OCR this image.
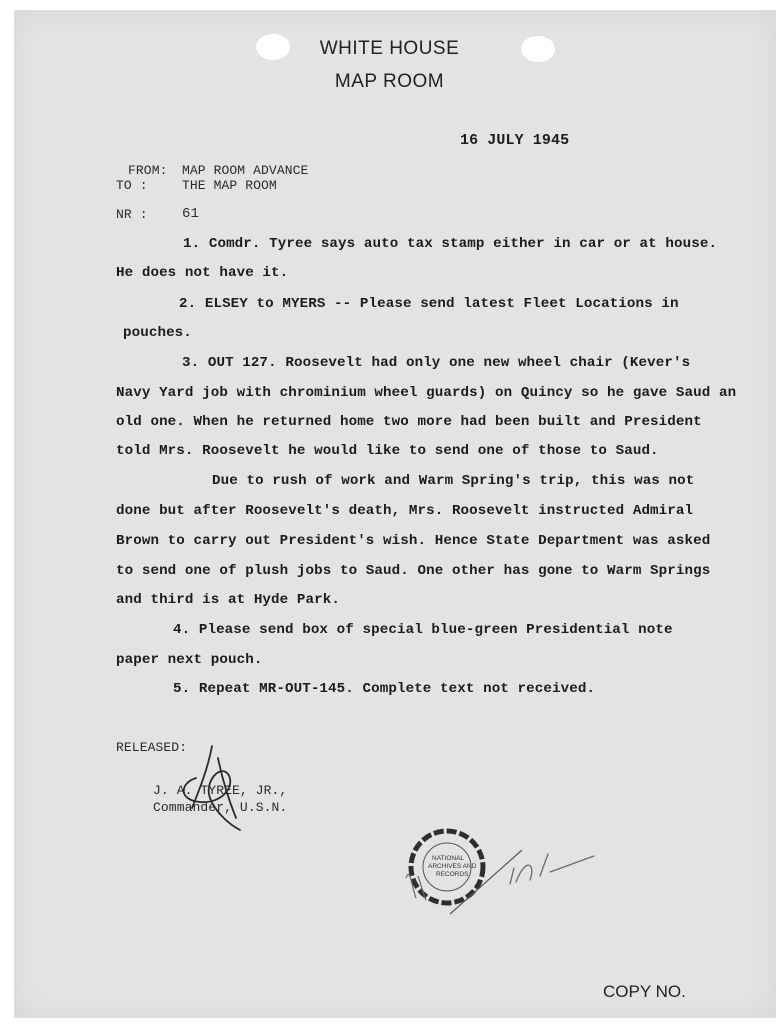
WHITE HOUSE
MAP ROOM
16 JULY 1945
FROM: MAP ROOM ADVANCE
TO :	THE MAP ROOM
NR : 61
1. Comdr. Tyree says auto tax stamp either in car or at house.
He does not have it.
2. ELSEY to MYERS -- Please send latest Fleet Locations in
pouches.
3. OUT 127. Roosevelt had only one new wheel chair (Kever's
Navy Yard job with chrominium wheel guards) on Quincy so he gave Saud an
old one. When he returned home two more had been built and President
told Mrs. Roosevelt he would like to send one of those to Saud.
Due to rush of work and Warm Spring's trip, this was not
done but after Roosevelt's death, Mrs. Roosevelt instructed Admiral
Brown to carry out President's wish. Hence State Department was asked
to send one of plush jobs to Saud. One other has gone to Warm Springs
and third is at Hyde Park.
4. Please send box of special blue-green Presidential note
paper next pouch.
5. Repeat MR-OUT-145. Complete text not received.
RELEASED:
J. A. TYREE, JR.,
Commander, U.S.N.
NATIONAL
ARCHIVES AND
RECORDS
COPY NO.
